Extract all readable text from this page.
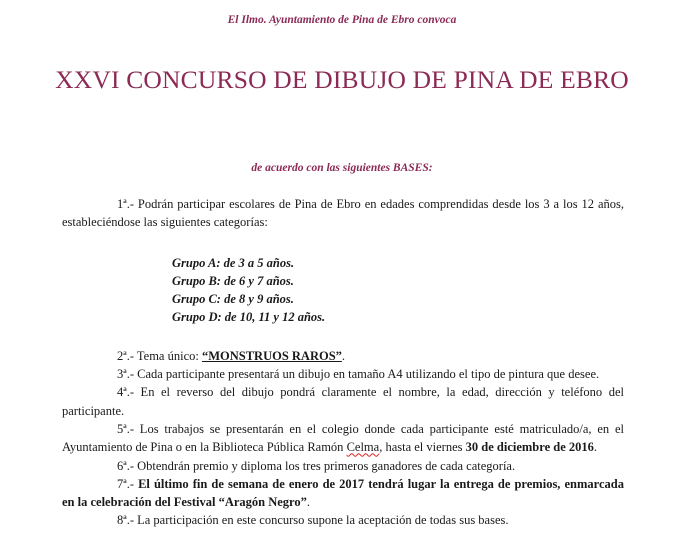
El Ilmo. Ayuntamiento de Pina de Ebro convoca
XXVI CONCURSO DE DIBUJO DE PINA DE EBRO
de acuerdo con las siguientes BASES:

1ª.- Podrán participar escolares de Pina de Ebro en edades comprendidas desde los 3 a los 12 años, estableciéndose las siguientes categorías:

Grupo A: de 3 a 5 años.
Grupo B: de 6 y 7 años.
Grupo C: de 8 y 9 años.
Grupo D: de 10, 11 y 12 años.

2ª.- Tema único: “MONSTRUOS RAROS”.

3ª.- Cada participante presentará un dibujo en tamaño A4 utilizando el tipo de pintura que desee.

4ª.- En el reverso del dibujo pondrá claramente el nombre, la edad, dirección y teléfono del participante.

5ª.- Los trabajos se presentarán en el colegio donde cada participante esté matriculado/a, en el Ayuntamiento de Pina o en la Biblioteca Pública Ramón Celma, hasta el viernes 30 de diciembre de 2016.

6ª.- Obtendrán premio y diploma los tres primeros ganadores de cada categoría.

7ª.- El último fin de semana de enero de 2017 tendrá lugar la entrega de premios, enmarcada en la celebración del Festival “Aragón Negro”.

8ª.- La participación en este concurso supone la aceptación de todas sus bases.
